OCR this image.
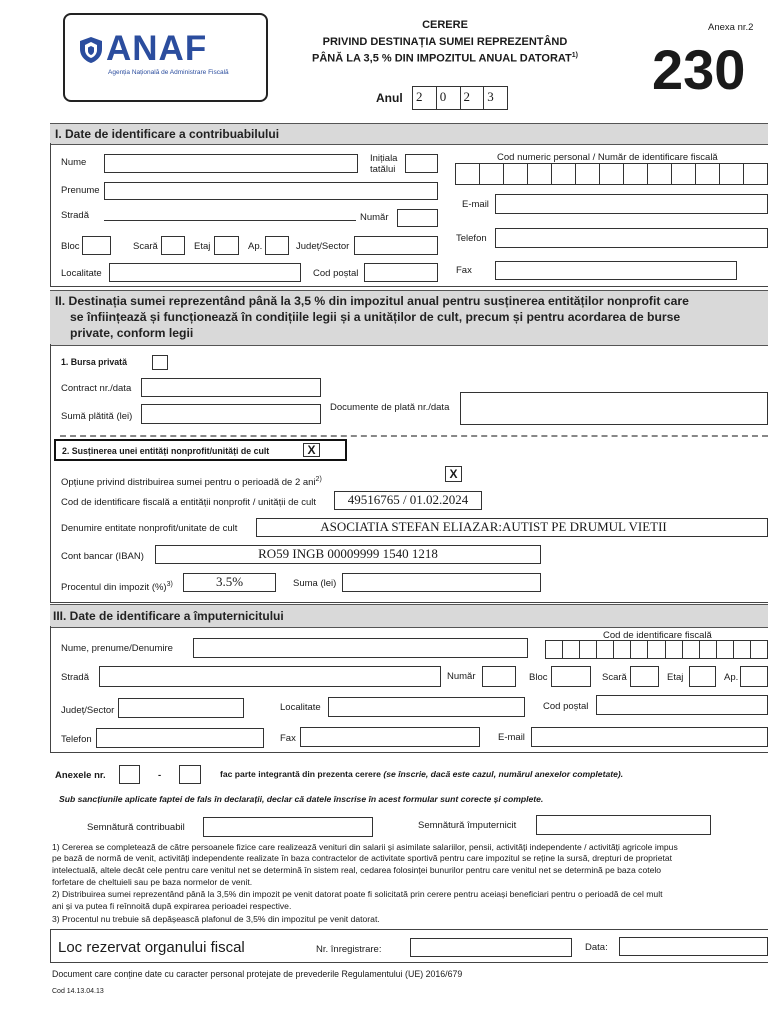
ANAF
Agenția Națională de Administrare Fiscală
CERERE
PRIVIND DESTINAȚIA SUMEI REPREZENTÂND
PÂNĂ LA 3,5 % DIN IMPOZITUL ANUAL DATORAT$^{1)}$
Anexa nr.2
230
Anul 2	0	2	3
I. Date de identificare a contribuabilului
Nume	Inițiala
tatălui
Cod numeric personal / Număr de identificare fiscală
Prenume
Stradă	Număr
E-mail
Bloc	Scară	Etaj	Ap.	Județ/Sector
Telefon
Localitate	Cod poștal	Fax
II. Destinația sumei reprezentând până la 3,5 % din impozitul anual pentru susținerea entităților nonprofit care
se înființează și funcționează în condițiile legii și a unităților de cult, precum și pentru acordarea de burse
private, conform legii
1. Bursa privată
Contract nr./data
Sumă plătită (lei)
Documente de plată nr./data
2. Susținerea unei entități nonprofit/unități de cult	X
Opțiune privind distribuirea sumei pentru o perioadă de 2 ani$^{2)}$	X
Cod de identificare fiscală a entității nonprofit / unității de cult	49516765 / 01.02.2024
Denumire entitate nonprofit/unitate de cult	ASOCIATIA STEFAN ELIAZAR:AUTIST PE DRUMUL VIETII
Cont bancar (IBAN)	RO59 INGB 00009999 1540 1218
Procentul din impozit (%)$^{3)}$	3.5%	Suma (lei)
III. Date de identificare a împuternicitului
Nume, prenume/Denumire
Cod de identificare fiscală
Stradă	Număr	Bloc	Scară	Etaj	Ap.
Județ/Sector	Localitate	Cod poștal
Telefon	Fax	E-mail
Anexele nr.	-	fac parte integrantă din prezenta cerere (se înscrie, dacă este cazul, numărul anexelor completate).
Sub sancțiunile aplicate faptei de fals în declarații, declar că datele înscrise în acest formular sunt corecte și complete.
Semnătură contribuabil	Semnătură împuternicit
1) Cererea se completează de către persoanele fizice care realizează venituri din salarii și asimilate salariilor, pensii, activități independente / activități agricole impus
pe bază de normă de venit, activități independente realizate în baza contractelor de activitate sportivă pentru care impozitul se reține la sursă, drepturi de proprietat
intelectuală, altele decât cele pentru care venitul net se determină în sistem real, cedarea folosinței bunurilor pentru care venitul net se determină pe baza cotelo
forfetare de cheltuieli sau pe baza normelor de venit.
2) Distribuirea sumei reprezentând până la 3,5% din impozit pe venit datorat poate fi solicitată prin cerere pentru aceiași beneficiari pentru o perioadă de cel mult
ani și va putea fi reînnoită după expirarea perioadei respective.
3) Procentul nu trebuie să depășească plafonul de 3,5% din impozitul pe venit datorat.
Loc rezervat organului fiscal	Nr. înregistrare:	Data:
Document care conține date cu caracter personal protejate de prevederile Regulamentului (UE) 2016/679
Cod 14.13.04.13
